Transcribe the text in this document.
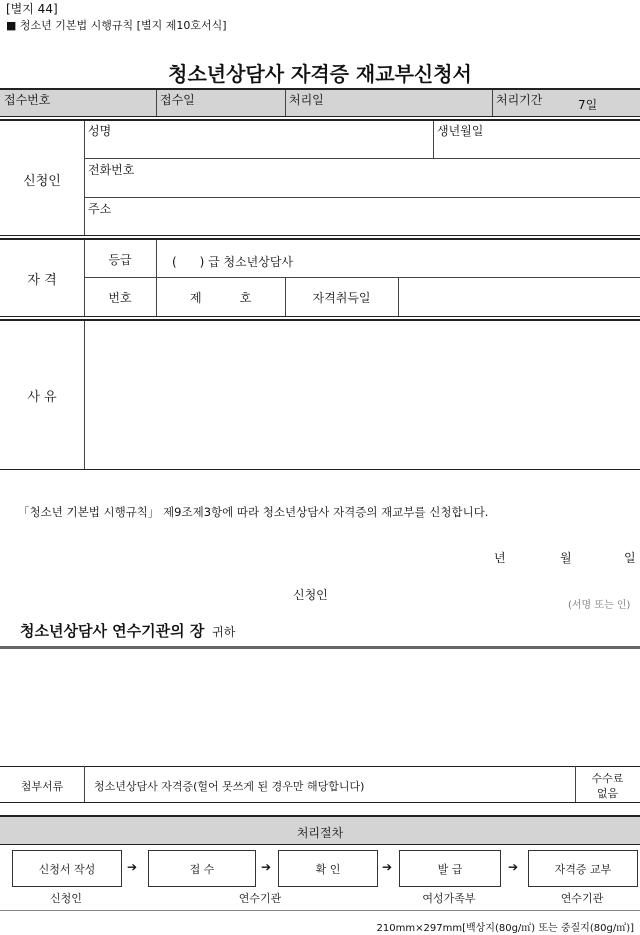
[별지 44]
■ 청소년 기본법 시행규칙 [별지 제10호서식]
청소년상담사 자격증 재교부신청서
접수번호	접수일	처리일	처리기간	7일
신청인
성명	생년월일
전화번호
주소
자 격
등급	(      ) 급 청소년상담사
번호	제          호	자격취득일
사 유
「청소년 기본법 시행규칙」 제9조제3항에 따라 청소년상담사 자격증의 재교부를 신청합니다.
년	월	일
신청인
(서명 또는 인)
청소년상담사 연수기관의 장 귀하
첨부서류	청소년상담사 자격증(헐어 못쓰게 된 경우만 해당합니다)
수수료
없음
처리절차
신청서 작성	➔	접 수	➔	확 인	➔	발 급	➔	자격증 교부
신청인	연수기관	여성가족부	연수기관
210mm×297mm[백상지(80g/㎡) 또는 중질지(80g/㎡)]
